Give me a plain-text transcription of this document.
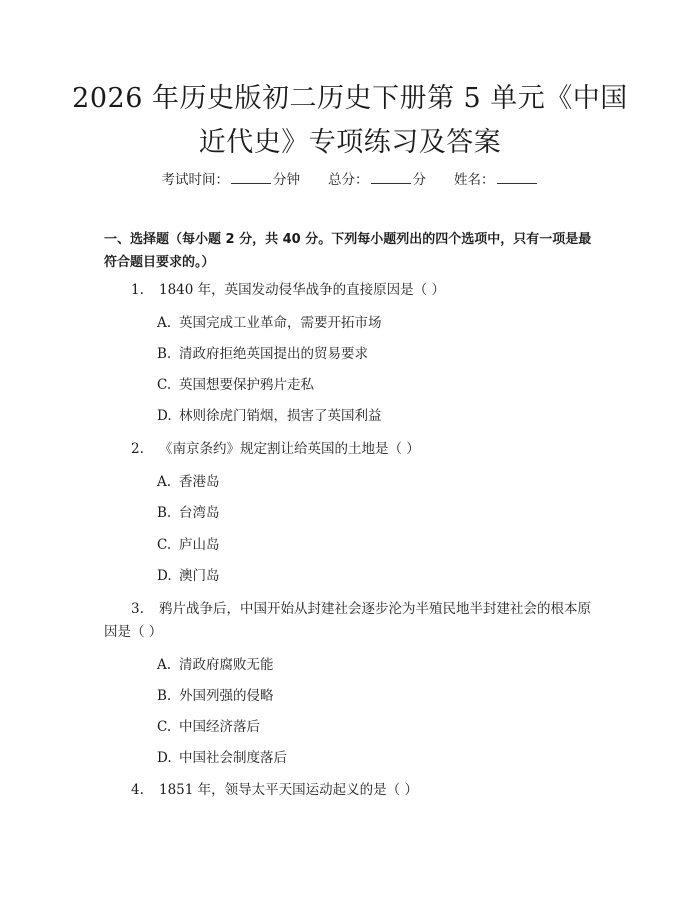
2026 年历史版初二历史下册第 5 单元《中国
近代史》专项练习及答案
考试时间：	分钟 总分：	分 姓名：
一、选择题（每小题 2 分，共 40 分。下列每小题列出的四个选项中，只有一项是最符合题目要求的。）
1. 1840 年，英国发动侵华战争的直接原因是（ ）
A. 英国完成工业革命，需要开拓市场
B. 清政府拒绝英国提出的贸易要求
C. 英国想要保护鸦片走私
D. 林则徐虎门销烟，损害了英国利益
2. 《南京条约》规定割让给英国的土地是（ ）
A. 香港岛
B. 台湾岛
C. 庐山岛
D. 澳门岛
3. 鸦片战争后，中国开始从封建社会逐步沦为半殖民地半封建社会的根本原
因是（ ）
A. 清政府腐败无能
B. 外国列强的侵略
C. 中国经济落后
D. 中国社会制度落后
4. 1851 年，领导太平天国运动起义的是（ ）
